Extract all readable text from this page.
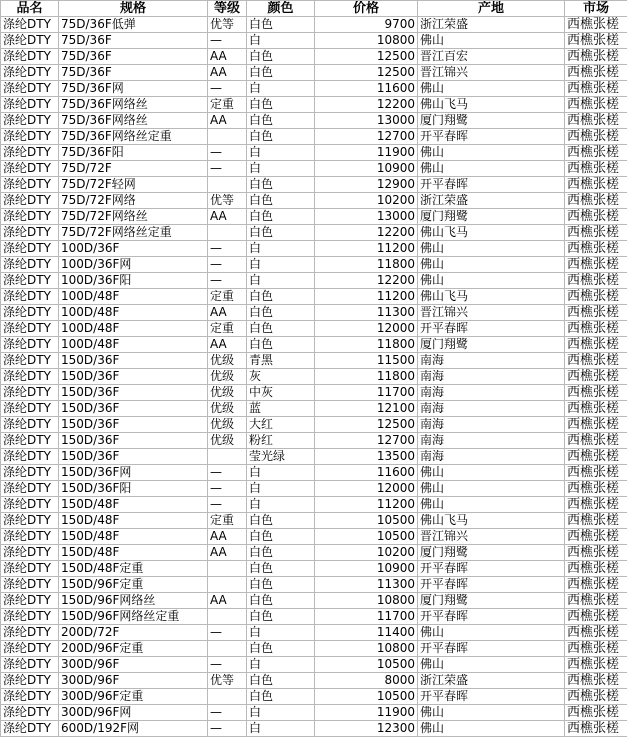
品名	规格	等级	颜色	价格	产地	市场
涤纶DTY	75D/36F低弹	优等	白色	9700	浙江荣盛	西樵张槎
涤纶DTY	75D/36F	—	白	10800	佛山	西樵张槎
涤纶DTY	75D/36F	AA	白色	12500	晋江百宏	西樵张槎
涤纶DTY	75D/36F	AA	白色	12500	晋江锦兴	西樵张槎
涤纶DTY	75D/36F网	—	白	11600	佛山	西樵张槎
涤纶DTY	75D/36F网络丝	定重	白色	12200	佛山飞马	西樵张槎
涤纶DTY	75D/36F网络丝	AA	白色	13000	厦门翔鹭	西樵张槎
涤纶DTY	75D/36F网络丝定重		白色	12700	开平春晖	西樵张槎
涤纶DTY	75D/36F阳	—	白	11900	佛山	西樵张槎
涤纶DTY	75D/72F	—	白	10900	佛山	西樵张槎
涤纶DTY	75D/72F轻网		白色	12900	开平春晖	西樵张槎
涤纶DTY	75D/72F网络	优等	白色	10200	浙江荣盛	西樵张槎
涤纶DTY	75D/72F网络丝	AA	白色	13000	厦门翔鹭	西樵张槎
涤纶DTY	75D/72F网络丝定重		白色	12200	佛山飞马	西樵张槎
涤纶DTY	100D/36F	—	白	11200	佛山	西樵张槎
涤纶DTY	100D/36F网	—	白	11800	佛山	西樵张槎
涤纶DTY	100D/36F阳	—	白	12200	佛山	西樵张槎
涤纶DTY	100D/48F	定重	白色	11200	佛山飞马	西樵张槎
涤纶DTY	100D/48F	AA	白色	11300	晋江锦兴	西樵张槎
涤纶DTY	100D/48F	定重	白色	12000	开平春晖	西樵张槎
涤纶DTY	100D/48F	AA	白色	11800	厦门翔鹭	西樵张槎
涤纶DTY	150D/36F	优级	青黑	11500	南海	西樵张槎
涤纶DTY	150D/36F	优级	灰	11800	南海	西樵张槎
涤纶DTY	150D/36F	优级	中灰	11700	南海	西樵张槎
涤纶DTY	150D/36F	优级	蓝	12100	南海	西樵张槎
涤纶DTY	150D/36F	优级	大红	12500	南海	西樵张槎
涤纶DTY	150D/36F	优级	粉红	12700	南海	西樵张槎
涤纶DTY	150D/36F		莹光绿	13500	南海	西樵张槎
涤纶DTY	150D/36F网	—	白	11600	佛山	西樵张槎
涤纶DTY	150D/36F阳	—	白	12000	佛山	西樵张槎
涤纶DTY	150D/48F	—	白	11200	佛山	西樵张槎
涤纶DTY	150D/48F	定重	白色	10500	佛山飞马	西樵张槎
涤纶DTY	150D/48F	AA	白色	10500	晋江锦兴	西樵张槎
涤纶DTY	150D/48F	AA	白色	10200	厦门翔鹭	西樵张槎
涤纶DTY	150D/48F定重		白色	10900	开平春晖	西樵张槎
涤纶DTY	150D/96F定重		白色	11300	开平春晖	西樵张槎
涤纶DTY	150D/96F网络丝	AA	白色	10800	厦门翔鹭	西樵张槎
涤纶DTY	150D/96F网络丝定重		白色	11700	开平春晖	西樵张槎
涤纶DTY	200D/72F	—	白	11400	佛山	西樵张槎
涤纶DTY	200D/96F定重		白色	10800	开平春晖	西樵张槎
涤纶DTY	300D/96F	—	白	10500	佛山	西樵张槎
涤纶DTY	300D/96F	优等	白色	8000	浙江荣盛	西樵张槎
涤纶DTY	300D/96F定重		白色	10500	开平春晖	西樵张槎
涤纶DTY	300D/96F网	—	白	11900	佛山	西樵张槎
涤纶DTY	600D/192F网	—	白	12300	佛山	西樵张槎
